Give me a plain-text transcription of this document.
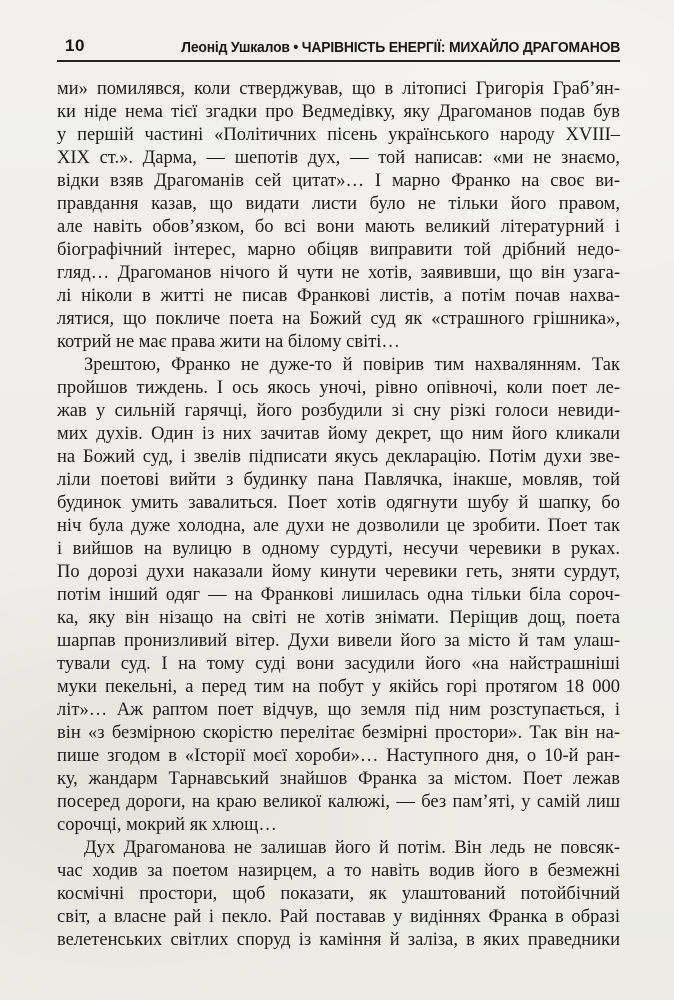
10	Леонід Ушкалов • ЧАРІВНІСТЬ ЕНЕРГІЇ: МИХАЙЛО ДРАГОМАНОВ
ми» помилявся, коли стверджував, що в літописі Григорія Граб’ян-
ки ніде нема тієї згадки про Ведмедівку, яку Драгоманов подав був
у першій частині «Політичних пісень українського народу XVIII–
XIX ст.». Дарма, — шепотів дух, — той написав: «ми не знаємо,
відки взяв Драгоманів сей цитат»… І марно Франко на своє ви-
правдання казав, що видати листи було не тільки його правом,
але навіть обов’язком, бо всі вони мають великий літературний і
біографічний інтерес, марно обіцяв виправити той дрібний недо-
гляд… Драгоманов нічого й чути не хотів, заявивши, що він узага-
лі ніколи в житті не писав Франкові листів, а потім почав нахва-
лятися, що покличе поета на Божий суд як «страшного грішника»,
котрий не має права жити на білому світі…
Зрештою, Франко не дуже-то й повірив тим нахвалянням. Так
пройшов тиждень. І ось якось уночі, рівно опівночі, коли поет ле-
жав у сильній гарячці, його розбудили зі сну різкі голоси невиди-
мих духів. Один із них зачитав йому декрет, що ним його кликали
на Божий суд, і звелів підписати якусь декларацію. Потім духи зве-
ліли поетові вийти з будинку пана Павлячка, інакше, мовляв, той
будинок умить завалиться. Поет хотів одягнути шубу й шапку, бо
ніч була дуже холодна, але духи не дозволили це зробити. Поет так
і вийшов на вулицю в одному сурдуті, несучи черевики в руках.
По дорозі духи наказали йому кинути черевики геть, зняти сурдут,
потім інший одяг — на Франкові лишилась одна тільки біла сороч-
ка, яку він нізащо на світі не хотів знімати. Періщив дощ, поета
шарпав пронизливий вітер. Духи вивели його за місто й там улаш-
тували суд. І на тому суді вони засудили його «на найстрашніші
муки пекельні, а перед тим на побут у якійсь горі протягом 18 000
літ»… Аж раптом поет відчув, що земля під ним розступається, і
він «з безмірною скорістю перелітає безмірні простори». Так він на-
пише згодом в «Історії моєї хороби»… Наступного дня, о 10-й ран-
ку, жандарм Тарнавський знайшов Франка за містом. Поет лежав
посеред дороги, на краю великої калюжі, — без пам’яті, у самій лиш
сорочці, мокрий як хлющ…
Дух Драгоманова не залишав його й потім. Він ледь не повсяк-
час ходив за поетом назирцем, а то навіть водив його в безмежні
космічні простори, щоб показати, як улаштований потойбічний
світ, а власне рай і пекло. Рай поставав у видіннях Франка в образі
велетенських світлих споруд із каміння й заліза, в яких праведники
